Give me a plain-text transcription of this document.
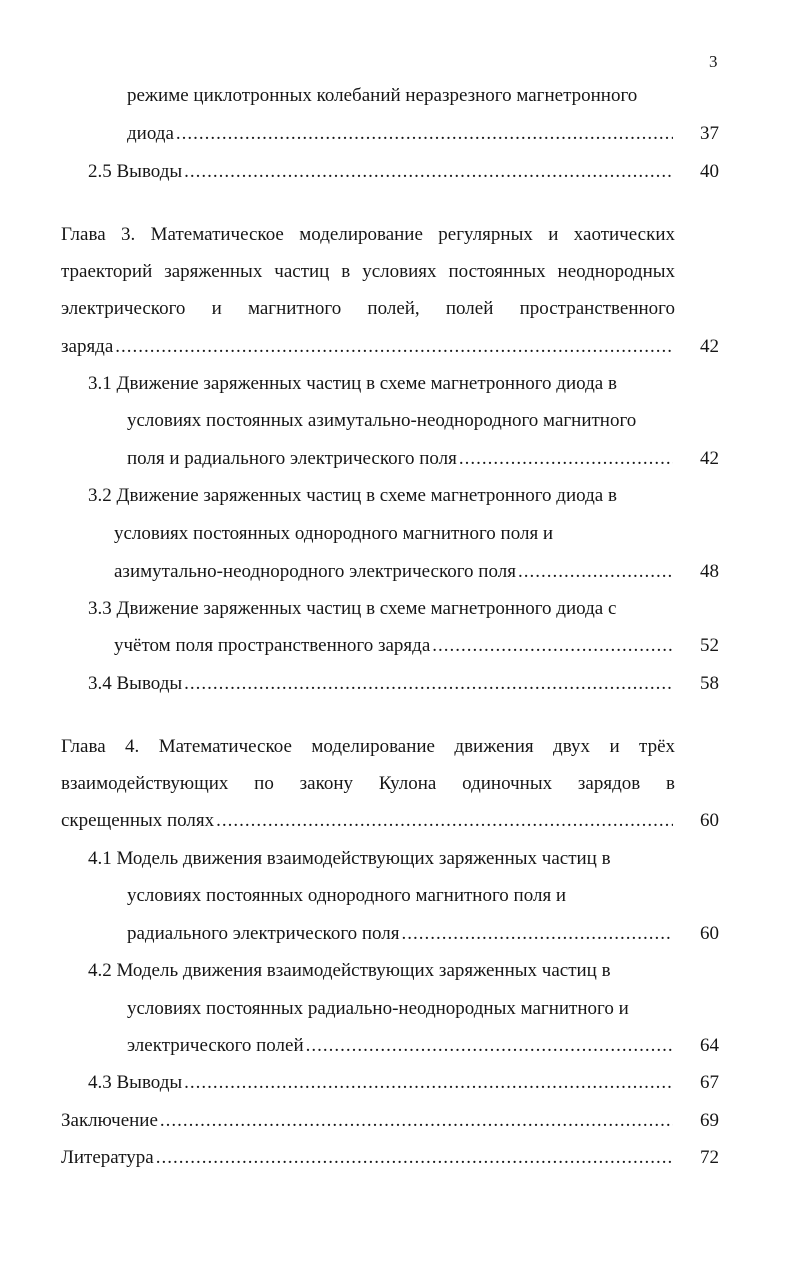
3
режиме циклотронных колебаний неразрезного магнетронного
диода .....	37
2.5 Выводы .....	40
Глава 3. Математическое моделирование регулярных и хаотических
траекторий заряженных частиц в условиях постоянных неоднородных
электрического и магнитного полей, полей пространственного
заряда .....	42
3.1 Движение заряженных частиц в схеме магнетронного диода в
условиях постоянных азимутально-неоднородного магнитного
поля и радиального электрического поля .....	42
3.2 Движение заряженных частиц в схеме магнетронного диода в
условиях постоянных однородного магнитного поля и
азимутально-неоднородного электрического поля .....	48
3.3 Движение заряженных частиц в схеме магнетронного диода с
учётом поля пространственного заряда .....	52
3.4 Выводы .....	58
Глава 4. Математическое моделирование движения двух и трёх
взаимодействующих по закону Кулона одиночных зарядов в
скрещенных полях .....	60
4.1 Модель движения взаимодействующих заряженных частиц в
условиях постоянных однородного магнитного поля и
радиального электрического поля .....	60
4.2 Модель движения взаимодействующих заряженных частиц в
условиях постоянных радиально-неоднородных магнитного и
электрического полей .....	64
4.3 Выводы .....	67
Заключение .....	69
Литература .....	72
